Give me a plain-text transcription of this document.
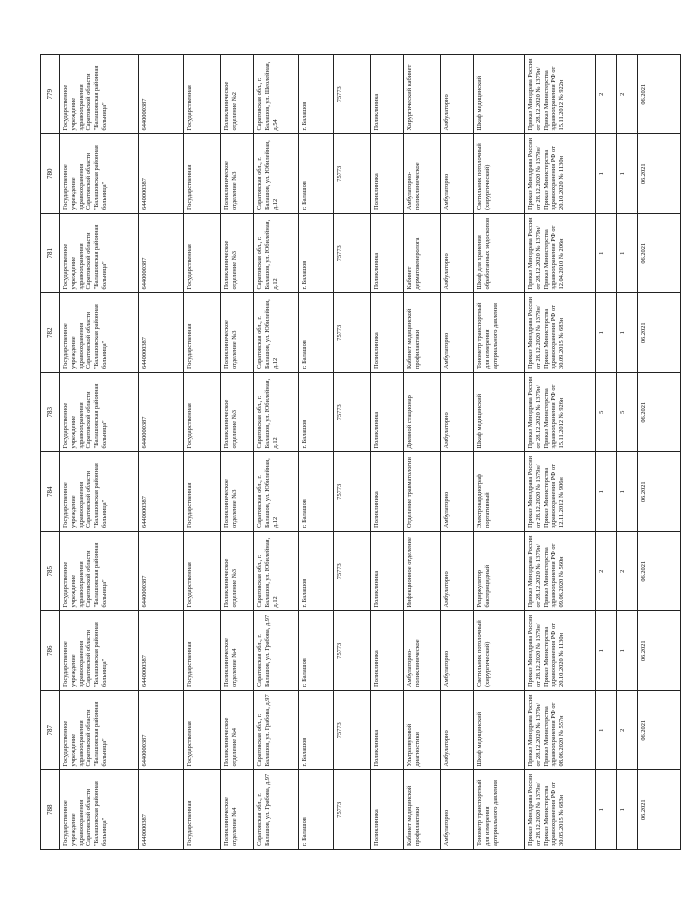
788	787	786	785	784	783	782	781	780	779
Государственное учреждение здравоохранения Саратовской области "Балашовская районная больница"	Государственное учреждение здравоохранения Саратовской области "Балашовская районная больница"	Государственное учреждение здравоохранения Саратовской области "Балашовская районная больница"	Государственное учреждение здравоохранения Саратовской области "Балашовская районная больница"	Государственное учреждение здравоохранения Саратовской области "Балашовская районная больница"	Государственное учреждение здравоохранения Саратовской области "Балашовская районная больница"	Государственное учреждение здравоохранения Саратовской области "Балашовская районная больница"	Государственное учреждение здравоохранения Саратовской области "Балашовская районная больница"	Государственное учреждение здравоохранения Саратовской области "Балашовская районная больница"	Государственное учреждение здравоохранения Саратовской области "Балашовская районная больница"
6440000387	6440000387	6440000387	6440000387	6440000387	6440000387	6440000387	6440000387	6440000387	6440000387
Государственная	Государственная	Государственная	Государственная	Государственная	Государственная	Государственная	Государственная	Государственная	Государственная
Поликлиническое отделение №4	Поликлиническое отделение №4	Поликлиническое отделение №4	Поликлиническое отделение №3	Поликлиническое отделение №3	Поликлиническое отделение №3	Поликлиническое отделение №3	Поликлиническое отделение №3	Поликлиническое отделение №3	Поликлиническое отделение №2
Саратовская обл., г. Балашов, ул. Грабова, д.97	Саратовская обл., г. Балашов, ул. Грабова, д.97	Саратовская обл., г. Балашов, ул. Грабова, д.97	Саратовская обл., г. Балашов, ул. Юбилейная, д.12	Саратовская обл., г. Балашов, ул. Юбилейная, д.12	Саратовская обл., г. Балашов, ул. Юбилейная, д.12	Саратовская обл., г. Балашов, ул. Юбилейная, д.12	Саратовская обл., г. Балашов, ул. Юбилейная, д.12	Саратовская обл., г. Балашов, ул. Юбилейная, д.12	Саратовская обл., г. Балашов, ул. Шеолейная, д.54
г. Балашов	г. Балашов	г. Балашов	г. Балашов	г. Балашов	г. Балашов	г. Балашов	г. Балашов	г. Балашов	г. Балашов
75773	75773	75773	75773	75773	75773	75773	75773	75773	75773
Поликлиника	Поликлиника	Поликлиника	Поликлиника	Поликлиника	Поликлиника	Поликлиника	Поликлиника	Поликлиника	Поликлиника
Кабинет медицинской профилактики	Ультразвуковой диагностики	Амбулаторно-поликлиническое	Инфекционное отделение	Отделение травматологии	Дневной стационар	Кабинет медицинской профилактики	Кабинет дерматовенеролога	Амбулаторно-поликлиническое	Хирургический кабинет
Амбулаторно	Амбулаторно	Амбулаторно	Амбулаторно	Амбулаторно	Амбулаторно	Амбулаторно	Амбулаторно	Амбулаторно	Амбулаторно
Тонометр транспортный для измерения артериального давления	Шкаф медицинский	Светильник потолочный (хирургический)	Рециркулятор бактерицидный	Электрокардиограф портативный	Шкаф медицинский	Тонометр транспортный для измерения артериального давления	Шкаф для хранения обработанных эндоскопов	Светильник потолочный (хирургический)	Шкаф медицинский
Приказ Минздрава России от 28.12.2020 № 1379н/Приказ Министерства здравоохранения РФ от 30.05.2015 № 683н	Приказ Минздрава России от 28.12.2020 № 1379н/Приказ Министерства здравоохранения РФ от 08.06.2020 № 557н	Приказ Минздрава России от 28.12.2020 № 1379н/Приказ Министерства здравоохранения РФ от 20.10.2020 № 1130н	Приказ Минздрава России от 28.12.2020 № 1379н/Приказ Министерства здравоохранения РФ от 09.06.2020 № 560н	Приказ Минздрава России от 28.12.2020 № 1379н/Приказ Министерства здравоохранения РФ от 12.11.2012 № 906н	Приказ Минздрава России от 28.12.2020 № 1379н/Приказ Министерства здравоохранения РФ от 15.11.2012 № 926н	Приказ Минздрава России от 28.12.2020 № 1379н/Приказ Министерства здравоохранения РФ от 30.09.2015 № 683н	Приказ Минздрава России от 28.12.2020 № 1379н/Приказ Министерства здравоохранения РФ от 12.04.2010 № 206н	Приказ Минздрава России от 28.12.2020 № 1379н/Приказ Министерства здравоохранения РФ от 20.10.2020 № 1130н	Приказ Минздрава России от 28.12.2020 № 1379н/Приказ Министерства здравоохранения РФ от 15.11.2012 № 922н
1	1	1	2	1	5	1	1	1	2
1	2	1	2	1	5	1	1	1	2
06.2021	06.2021	06.2021	06.2021	06.2021	06.2021	06.2021	06.2021	06.2021	06.2021
